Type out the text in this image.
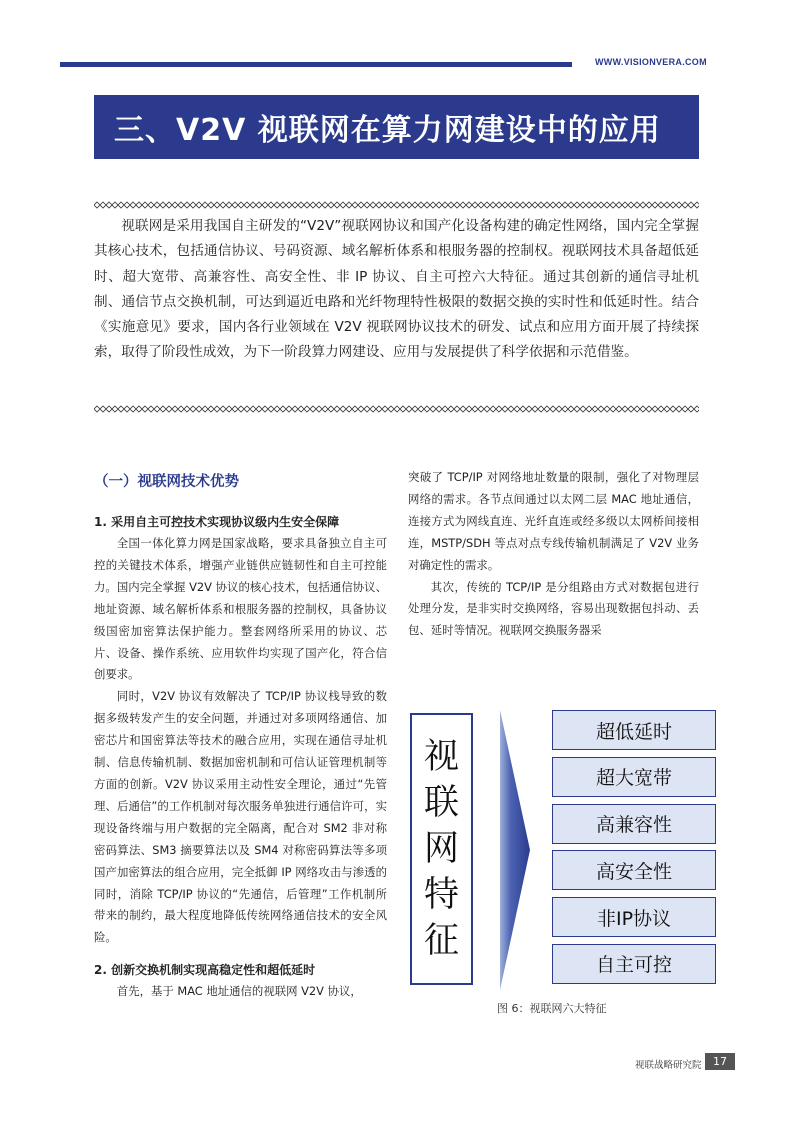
WWW.VISIONVERA.COM
三、V2V 视联网在算力网建设中的应用

视联网是采用我国自主研发的“V2V”视联网协议和国产化设备构建的确定性网络，国内完全掌握其核心技术，包括通信协议、号码资源、域名解析体系和根服务器的控制权。视联网技术具备超低延时、超大宽带、高兼容性、高安全性、非 IP 协议、自主可控六大特征。通过其创新的通信寻址机制、通信节点交换机制，可达到逼近电路和光纤物理特性极限的数据交换的实时性和低延时性。结合《实施意见》要求，国内各行业领域在 V2V 视联网协议技术的研发、试点和应用方面开展了持续探索，取得了阶段性成效，为下一阶段算力网建设、应用与发展提供了科学依据和示范借鉴。

（一）视联网技术优势
1. 采用自主可控技术实现协议级内生安全保障

全国一体化算力网是国家战略，要求具备独立自主可控的关键技术体系，增强产业链供应链韧性和自主可控能力。国内完全掌握 V2V 协议的核心技术，包括通信协议、地址资源、域名解析体系和根服务器的控制权，具备协议级国密加密算法保护能力。整套网络所采用的协议、芯片、设备、操作系统、应用软件均实现了国产化，符合信创要求。

同时，V2V 协议有效解决了 TCP/IP 协议栈导致的数据多级转发产生的安全问题，并通过对多项网络通信、加密芯片和国密算法等技术的融合应用，实现在通信寻址机制、信息传输机制、数据加密机制和可信认证管理机制等方面的创新。V2V 协议采用主动性安全理论，通过“先管理、后通信”的工作机制对每次服务单独进行通信许可，实现设备终端与用户数据的完全隔离，配合对 SM2 非对称密码算法、SM3 摘要算法以及 SM4 对称密码算法等多项国产加密算法的组合应用，完全抵御 IP 网络攻击与渗透的同时，消除 TCP/IP 协议的“先通信，后管理”工作机制所带来的制约，最大程度地降低传统网络通信技术的安全风险。

2. 创新交换机制实现高稳定性和超低延时

首先，基于 MAC 地址通信的视联网 V2V 协议，

突破了 TCP/IP 对网络地址数量的限制，强化了对物理层网络的需求。各节点间通过以太网二层 MAC 地址通信，连接方式为网线直连、光纤直连或经多级以太网桥间接相连，MSTP/SDH 等点对点专线传输机制满足了 V2V 业务对确定性的需求。

其次，传统的 TCP/IP 是分组路由方式对数据包进行处理分发，是非实时交换网络，容易出现数据包抖动、丢包、延时等情况。视联网交换服务器采

视
联
网
特
征
超低延时
超大宽带
高兼容性
高安全性
非IP协议
自主可控
图 6：视联网六大特征
视联战略研究院	17
